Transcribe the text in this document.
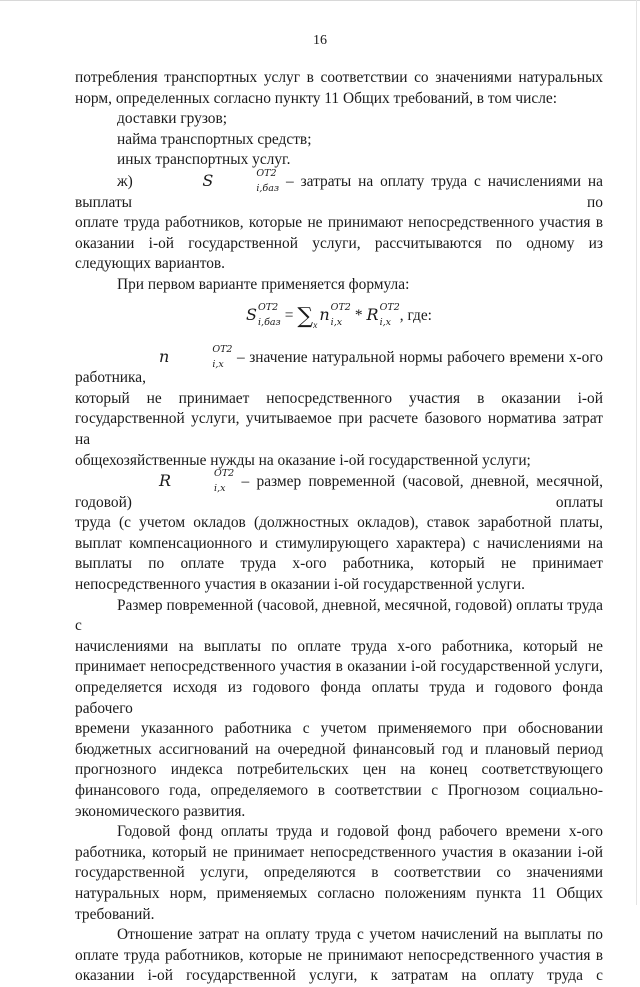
16

потребления транспортных услуг в соответствии со значениями натуральных

норм, определенных согласно пункту 11 Общих требований, в том числе:

доставки грузов;

найма транспортных средств;

иных транспортных услуг.

ж)	S	OT2
i,баз – затраты на оплату труда с начислениями на выплаты по

оплате труда работников, которые не принимают непосредственного участия в

оказании i-ой государственной услуги, рассчитываются по одному из

следующих вариантов.

При первом варианте применяется формула:

S OT2
$i,баз = \sum_xn$ OT2
i,x * R OT2
i,x , где:

n	OT2
i,x – значение натуральной нормы рабочего времени x-ого работника,

который не принимает непосредственного участия в оказании i-ой

государственной услуги, учитываемое при расчете базового норматива затрат на

общехозяйственные нужды на оказание i-ой государственной услуги;

R	OT2
i,x – размер повременной (часовой, дневной, месячной, годовой) оплаты

труда (с учетом окладов (должностных окладов), ставок заработной платы,

выплат компенсационного и стимулирующего характера) с начислениями на

выплаты по оплате труда x-ого работника, который не принимает

непосредственного участия в оказании i-ой государственной услуги.

Размер повременной (часовой, дневной, месячной, годовой) оплаты труда с

начислениями на выплаты по оплате труда x-ого работника, который не

принимает непосредственного участия в оказании i-ой государственной услуги,

определяется исходя из годового фонда оплаты труда и годового фонда рабочего

времени указанного работника с учетом применяемого при обосновании

бюджетных ассигнований на очередной финансовый год и плановый период

прогнозного индекса потребительских цен на конец соответствующего

финансового года, определяемого в соответствии с Прогнозом социально-

экономического развития.

Годовой фонд оплаты труда и годовой фонд рабочего времени x-ого

работника, который не принимает непосредственного участия в оказании i-ой

государственной услуги, определяются в соответствии со значениями

натуральных норм, применяемых согласно положениям пункта 11 Общих

требований.

Отношение затрат на оплату труда с учетом начислений на выплаты по

оплате труда работников, которые не принимают непосредственного участия в

оказании i-ой государственной услуги, к затратам на оплату труда с
